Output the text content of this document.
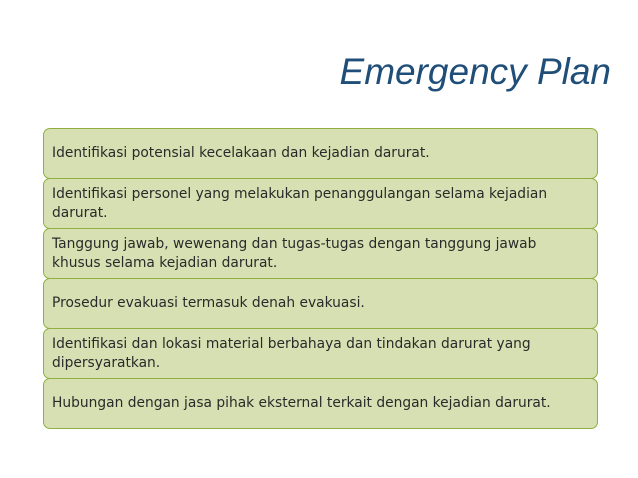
Emergency Plan
Identifikasi potensial kecelakaan dan kejadian darurat.
Identifikasi personel yang melakukan penanggulangan selama kejadian darurat.
Tanggung jawab, wewenang dan tugas-tugas dengan tanggung jawab khusus selama kejadian darurat.
Prosedur evakuasi termasuk denah evakuasi.
Identifikasi dan lokasi material berbahaya dan tindakan darurat yang dipersyaratkan.
Hubungan dengan jasa pihak eksternal terkait dengan kejadian darurat.
